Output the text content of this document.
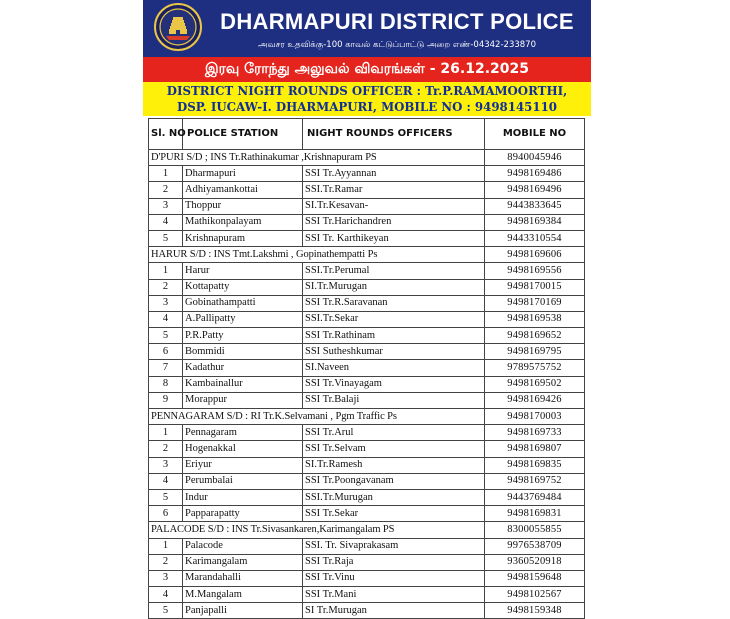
DHARMAPURI DISTRICT POLICE
அவசர உதவிக்கு-100 காவல் கட்டுப்பாட்டு அறை எண்-04342-233870
இரவு ரோந்து அலுவல் விவரங்கள் - 26.12.2025
DISTRICT NIGHT ROUNDS OFFICER : Tr.P.RAMAMOORTHI,
DSP. IUCAW-I. DHARMAPURI, MOBILE NO : 9498145110
Sl. NO	POLICE STATION	NIGHT ROUNDS OFFICERS	MOBILE NO
D'PURI S/D ; INS Tr.Rathinakumar ,Krishnapuram PS			8940045946
1	Dharmapuri	SSI Tr.Ayyannan	9498169486
2	Adhiyamankottai	SSI.Tr.Ramar	9498169496
3	Thoppur	SI.Tr.Kesavan-	9443833645
4	Mathikonpalayam	SSI Tr.Harichandren	9498169384
5	Krishnapuram	SSI Tr. Karthikeyan	9443310554
HARUR S/D : INS Tmt.Lakshmi , Gopinathempatti Ps			9498169606
1	Harur	SSI.Tr.Perumal	9498169556
2	Kottapatty	SI.Tr.Murugan	9498170015
3	Gobinathampatti	SSI Tr.R.Saravanan	9498170169
4	A.Pallipatty	SSI.Tr.Sekar	9498169538
5	P.R.Patty	SSI Tr.Rathinam	9498169652
6	Bommidi	SSI Sutheshkumar	9498169795
7	Kadathur	SI.Naveen	9789575752
8	Kambainallur	SSI Tr.Vinayagam	9498169502
9	Morappur	SSI Tr.Balaji	9498169426
PENNAGARAM S/D : RI Tr.K.Selvamani , Pgm Traffic Ps			9498170003
1	Pennagaram	SSI Tr.Arul	9498169733
2	Hogenakkal	SSI Tr.Selvam	9498169807
3	Eriyur	SI.Tr.Ramesh	9498169835
4	Perumbalai	SSI Tr.Poongavanam	9498169752
5	Indur	SSI.Tr.Murugan	9443769484
6	Papparapatty	SSI Tr.Sekar	9498169831
PALACODE S/D : INS Tr.Sivasankaren,Karimangalam PS			8300055855
1	Palacode	SSI. Tr. Sivaprakasam	9976538709
2	Karimangalam	SSI Tr.Raja	9360520918
3	Marandahalli	SSI Tr.Vinu	9498159648
4	M.Mangalam	SSI Tr.Mani	9498102567
5	Panjapalli	SI Tr.Murugan	9498159348
